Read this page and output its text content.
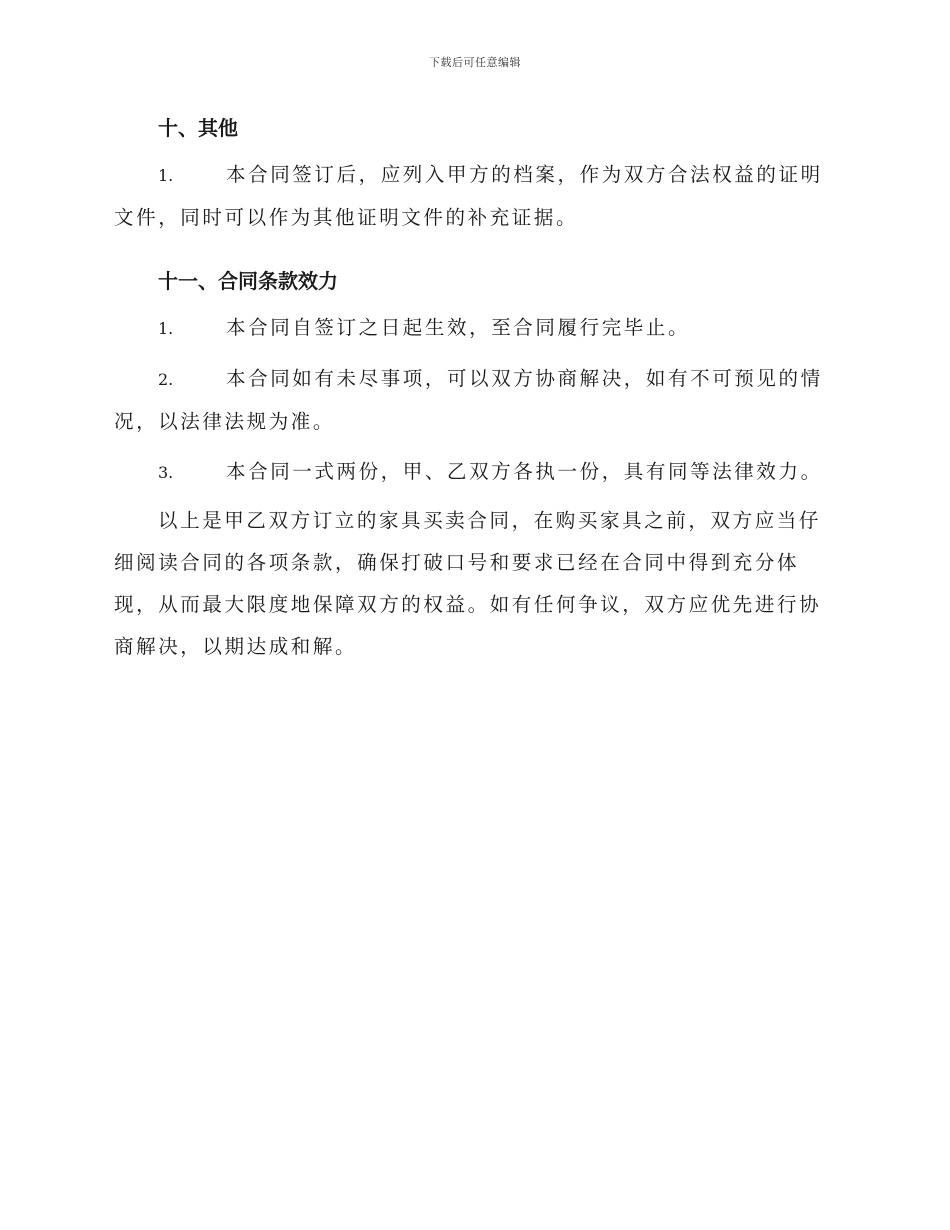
下载后可任意编辑
十、其他

1.	本合同签订后，应列入甲方的档案，作为双方合法权益的证明文件，同时可以作为其他证明文件的补充证据。

十一、合同条款效力

1.	本合同自签订之日起生效，至合同履行完毕止。

2.	本合同如有未尽事项，可以双方协商解决，如有不可预见的情况，以法律法规为准。

3.	本合同一式两份，甲、乙双方各执一份，具有同等法律效力。

以上是甲乙双方订立的家具买卖合同，在购买家具之前，双方应当仔细阅读合同的各项条款，确保打破口号和要求已经在合同中得到充分体现，从而最大限度地保障双方的权益。如有任何争议，双方应优先进行协商解决，以期达成和解。
